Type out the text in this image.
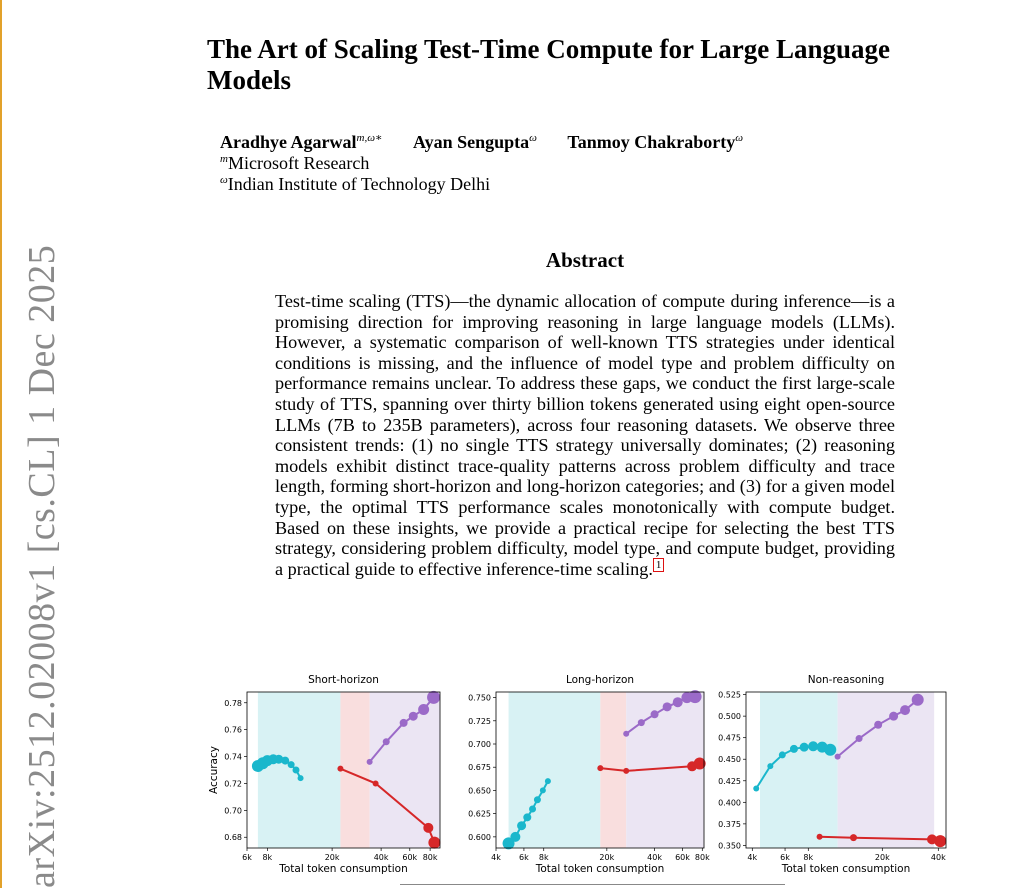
arXiv:2512.02008v1 [cs.CL] 1 Dec 2025
The Art of Scaling Test-Time Compute for Large Language Models
Aradhye Agarwal$^{m,\omega∗}$ Ayan Sengupta$^\omega$ Tanmoy Chakraborty$^\omega$
$^m$Microsoft Research
$^\omega$Indian Institute of Technology Delhi
Abstract

Test-time scaling (TTS)—the dynamic allocation of compute during inference—is a promising direction for improving reasoning in large language models (LLMs). However, a systematic comparison of well-known TTS strategies under identical conditions is missing, and the influence of model type and problem difficulty on performance remains unclear. To address these gaps, we conduct the first large-scale study of TTS, spanning over thirty billion tokens generated using eight open-source LLMs (7B to 235B parameters), across four reasoning datasets. We observe three consistent trends: (1) no single TTS strategy universally dominates; (2) reasoning models exhibit distinct trace-quality patterns across problem difficulty and trace length, forming short-horizon and long-horizon categories; and (3) for a given model type, the optimal TTS performance scales monotonically with compute budget. Based on these insights, we provide a practical recipe for selecting the best TTS strategy, considering problem difficulty, model type, and compute budget, providing a practical guide to effective inference-time scaling. $^1$

0.68
0.70
0.72
0.74
0.76
0.78
6k 8k	20k	40k 60k 80k
Short-horizon
Total token consumption
Accuracy
0.600
0.625
0.650
0.675
0.700
0.725
0.750
4k 6k 8k	20k	40k 60k 80k
Long-horizon
Total token consumption
0.350
0.375
0.400
0.425
0.450
0.475
0.500
0.525
4k	6k 8k	20k	40k
Non-reasoning
Total token consumption
